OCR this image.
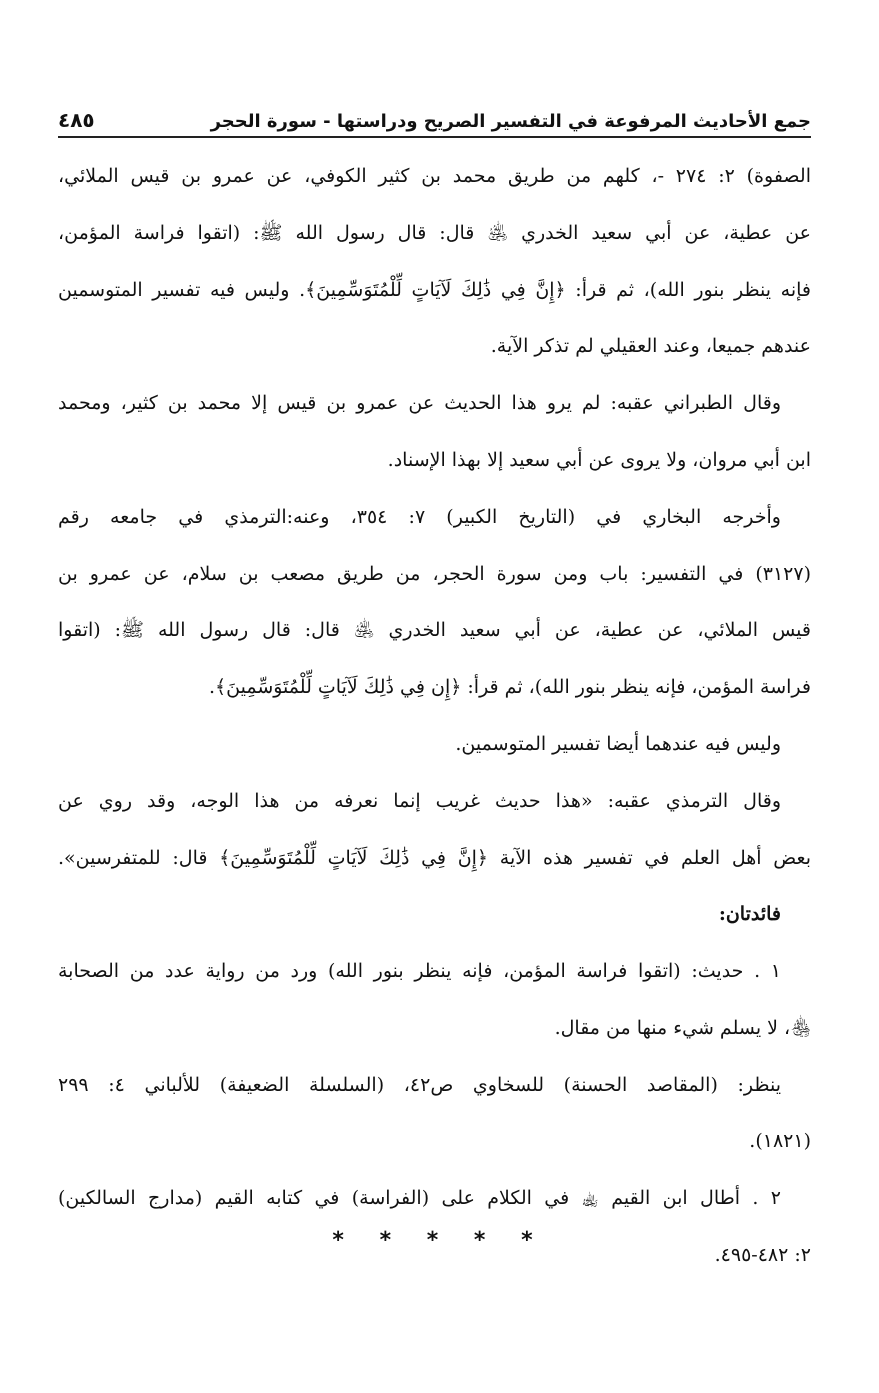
جمع الأحاديث المرفوعة في التفسير الصريح ودراستها - سورة الحجر
٤٨٥
الصفوة) ٢: ٢٧٤ -، كلهم من طريق محمد بن كثير الكوفي، عن عمرو بن قيس الملائي،
عن عطية، عن أبي سعيد الخدري ﵁ قال: قال رسول الله ﷺ: (اتقوا فراسة المؤمن،
فإنه ينظر بنور الله)، ثم قرأ: ﴿إِنَّ فِي ذَٰلِكَ لَآيَاتٍ لِّلْمُتَوَسِّمِينَ﴾. وليس فيه تفسير المتوسمين
عندهم جميعا، وعند العقيلي لم تذكر الآية.
وقال الطبراني عقبه: لم يرو هذا الحديث عن عمرو بن قيس إلا محمد بن كثير، ومحمد
ابن أبي مروان، ولا يروى عن أبي سعيد إلا بهذا الإسناد.
وأخرجه البخاري في (التاريخ الكبير) ٧: ٣٥٤، وعنه:الترمذي في جامعه رقم
(٣١٢٧) في التفسير: باب ومن سورة الحجر، من طريق مصعب بن سلام، عن عمرو بن
قيس الملائي، عن عطية، عن أبي سعيد الخدري ﵁ قال: قال رسول الله ﷺ: (اتقوا
فراسة المؤمن، فإنه ينظر بنور الله)، ثم قرأ: ﴿إِن فِي ذَٰلِكَ لَآيَاتٍ لِّلْمُتَوَسِّمِينَ﴾.
وليس فيه عندهما أيضا تفسير المتوسمين.
وقال الترمذي عقبه: «هذا حديث غريب إنما نعرفه من هذا الوجه، وقد روي عن
بعض أهل العلم في تفسير هذه الآية ﴿إِنَّ فِي ذَٰلِكَ لَآيَاتٍ لِّلْمُتَوَسِّمِينَ﴾ قال: للمتفرسين».
فائدتان:
١ . حديث: (اتقوا فراسة المؤمن، فإنه ينظر بنور الله) ورد من رواية عدد من الصحابة
﵃، لا يسلم شيء منها من مقال.
ينظر: (المقاصد الحسنة) للسخاوي ص٤٢، (السلسلة الضعيفة) للألباني ٤: ٢٩٩
(١٨٢١).
٢ . أطال ابن القيم ﵀ في الكلام على (الفراسة) في كتابه القيم (مدارج السالكين)
٢: ٤٨٢-٤٩٥.
* * * * *
